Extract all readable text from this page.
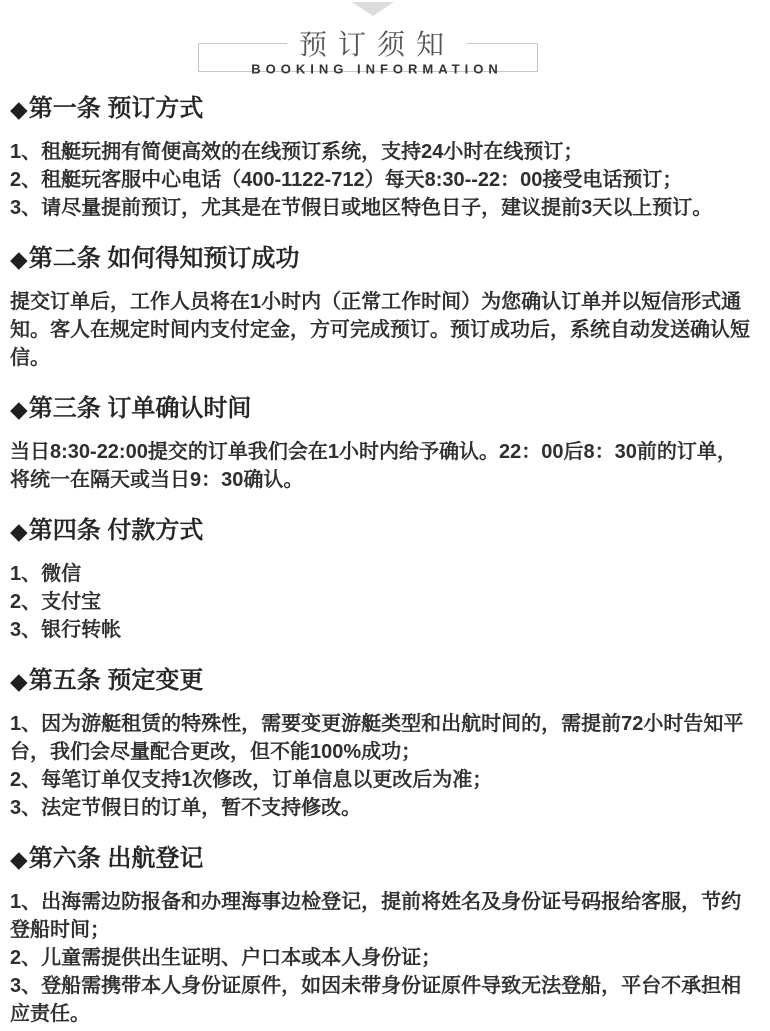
预订须知
BOOKING INFORMATION
◆ 第一条 预订方式

1、租艇玩拥有简便高效的在线预订系统，支持24小时在线预订；

2、租艇玩客服中心电话（400-1122-712）每天8:30--22：00接受电话预订；

3、请尽量提前预订，尤其是在节假日或地区特色日子，建议提前3天以上预订。

◆ 第二条 如何得知预订成功

提交订单后，工作人员将在1小时内（正常工作时间）为您确认订单并以短信形式通知。客人在规定时间内支付定金，方可完成预订。预订成功后，系统自动发送确认短信。

◆ 第三条 订单确认时间

当日8:30-22:00提交的订单我们会在1小时内给予确认。22：00后8：30前的订单，将统一在隔天或当日9：30确认。

◆ 第四条 付款方式

1、微信

2、支付宝

3、银行转帐

◆ 第五条 预定变更

1、因为游艇租赁的特殊性，需要变更游艇类型和出航时间的，需提前72小时告知平台，我们会尽量配合更改，但不能100%成功；

2、每笔订单仅支持1次修改，订单信息以更改后为准；

3、法定节假日的订单，暂不支持修改。

◆ 第六条 出航登记

1、出海需边防报备和办理海事边检登记，提前将姓名及身份证号码报给客服，节约登船时间；

2、儿童需提供出生证明、户口本或本人身份证；

3、登船需携带本人身份证原件，如因未带身份证原件导致无法登船，平台不承担相应责任。
